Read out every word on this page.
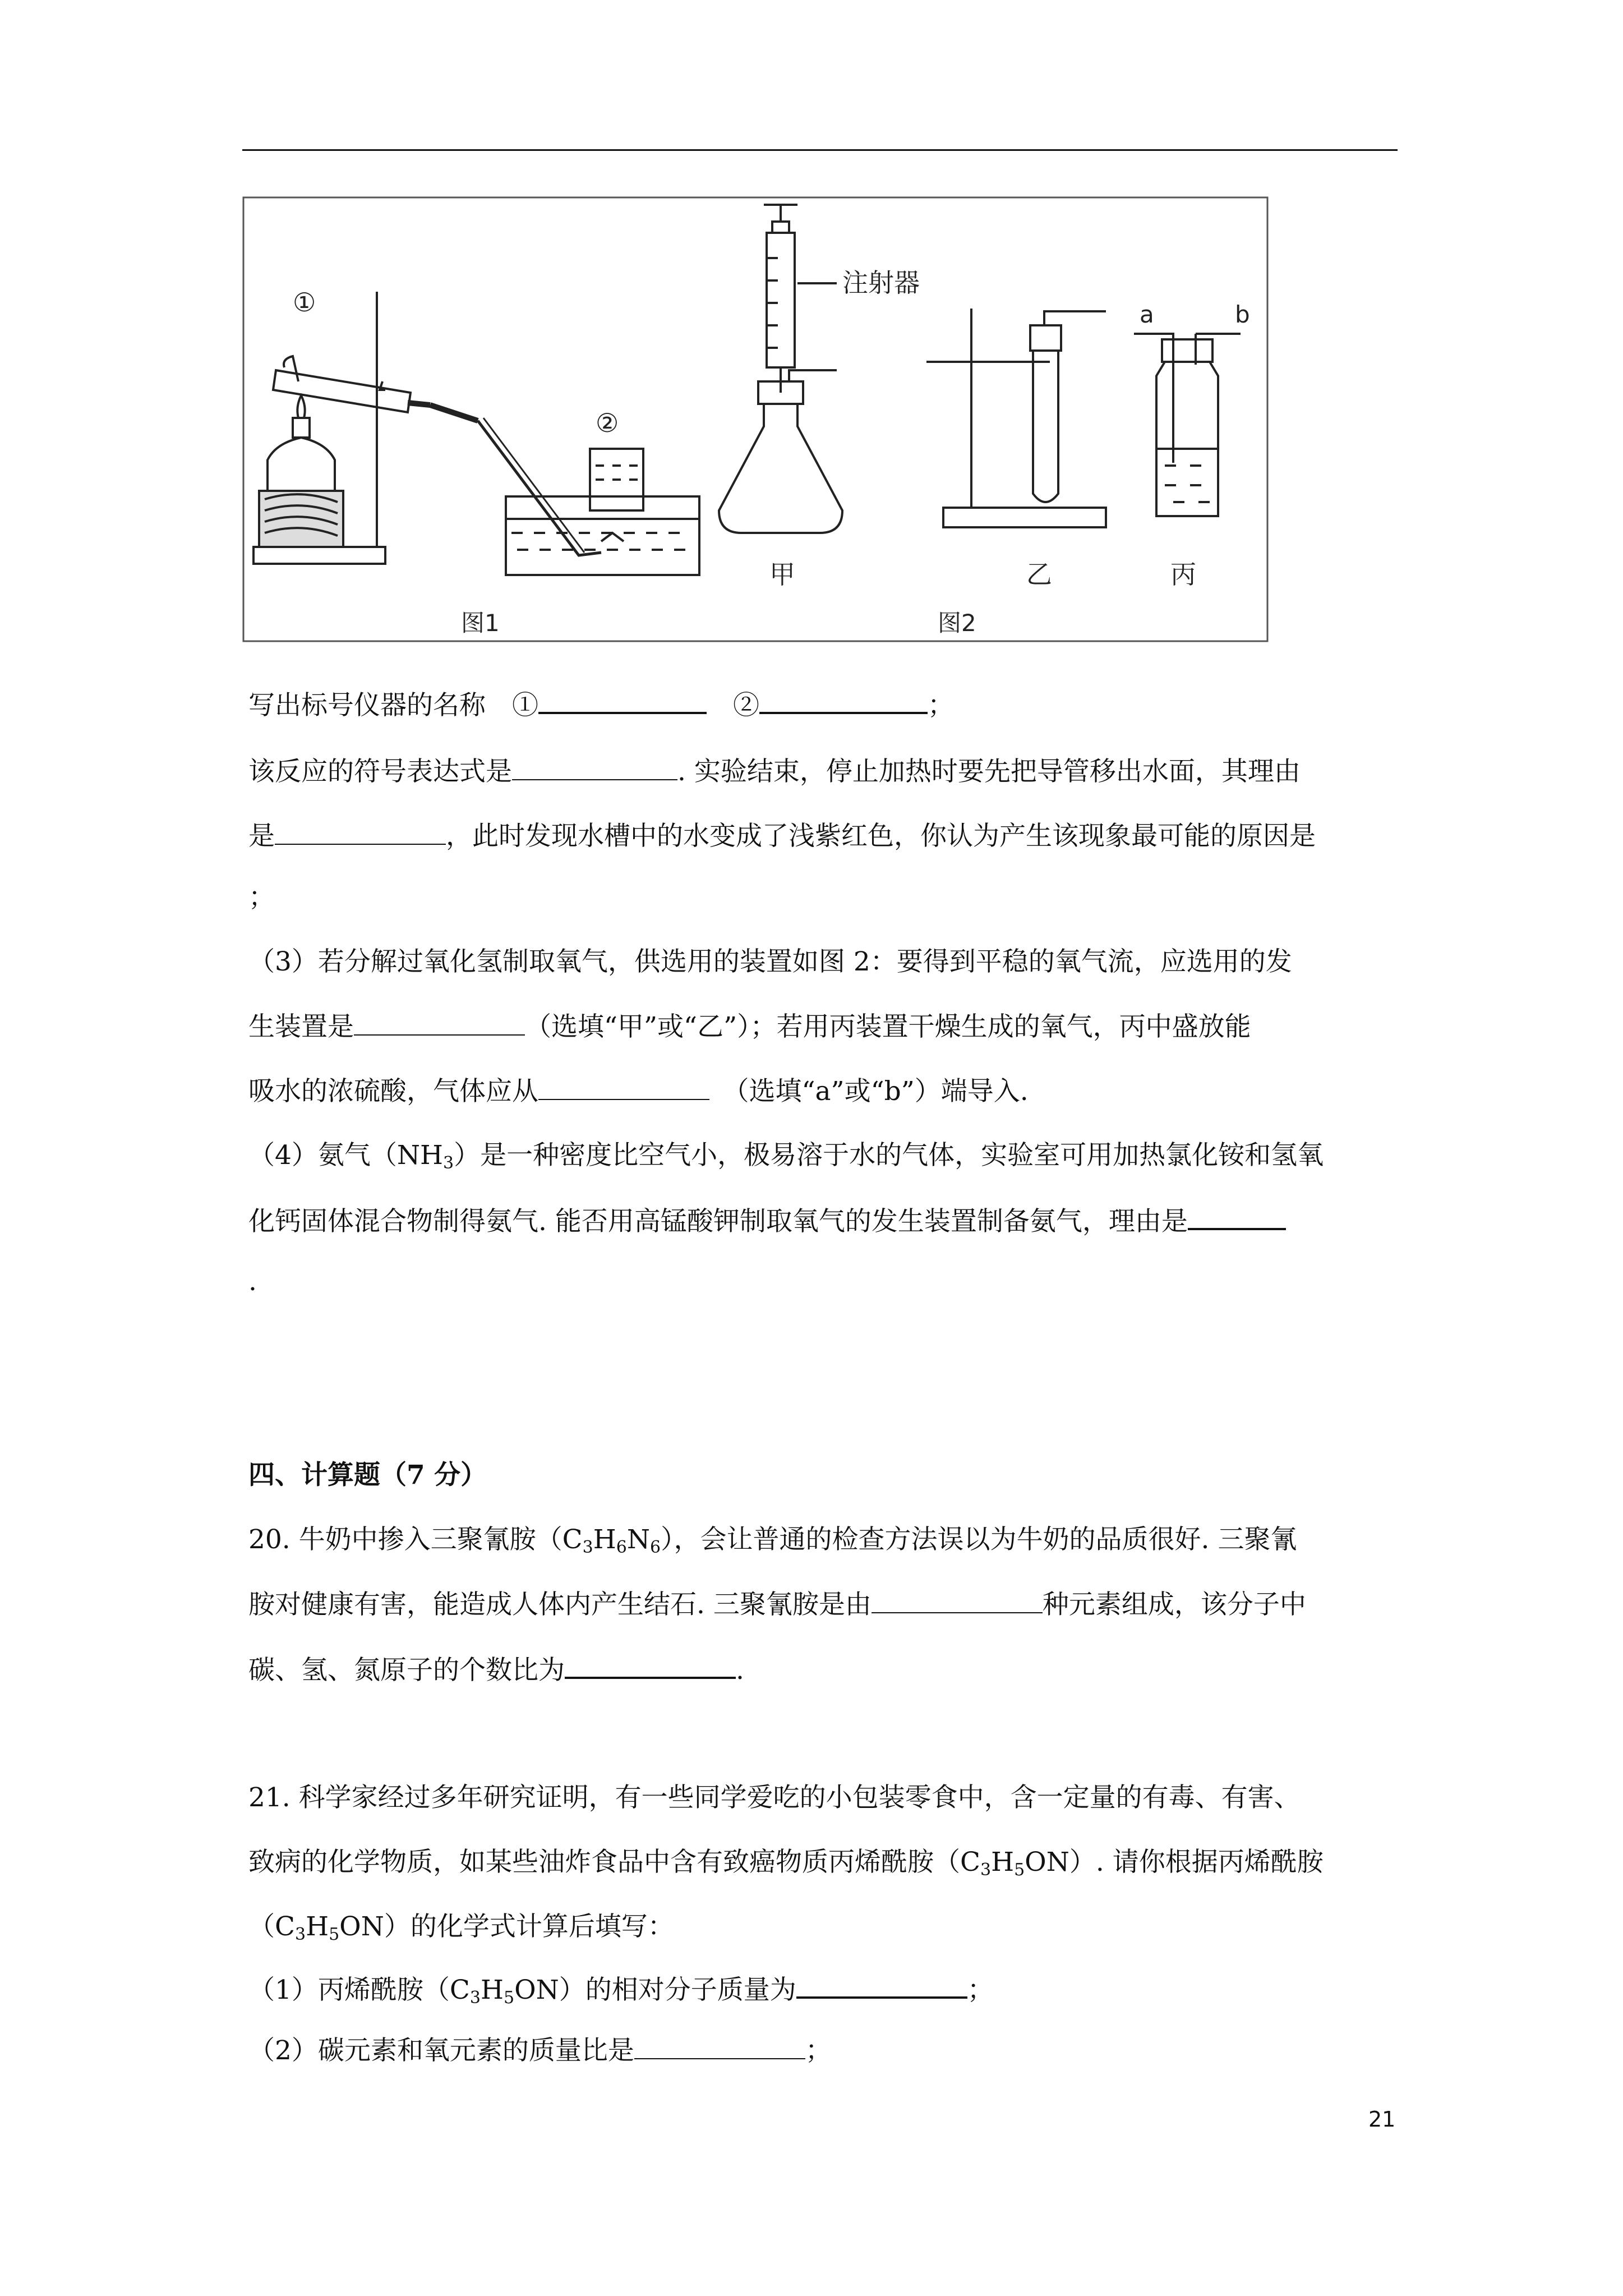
①
②
图1
注射器
甲
图2
乙
a	b
丙
写出标号仪器的名称　①	　②	；
该反应的符号表达式是	. 实验结束，停止加热时要先把导管移出水面，其理由
是	，此时发现水槽中的水变成了浅紫红色，你认为产生该现象最可能的原因是
；
（3）若分解过氧化氢制取氧气，供选用的装置如图 2：要得到平稳的氧气流，应选用的发
生装置是	（选填“甲”或“乙”）；若用丙装置干燥生成的氧气，丙中盛放能
吸水的浓硫酸，气体应从	　（选填“a”或“b”）端导入.
（4）氨气$(NH_3)$是一种密度比空气小，极易溶于水的气体，实验室可用加热氯化铵和氢氧
化钙固体混合物制得氨气. 能否用高锰酸钾制取氧气的发生装置制备氨气，理由是
.
四、计算题（7 分）
20. 牛奶中掺入三聚氰胺$(C_3H_6N_6)$，会让普通的检查方法误以为牛奶的品质很好. 三聚氰
胺对健康有害，能造成人体内产生结石. 三聚氰胺是由	种元素组成，该分子中
碳、氢、氮原子的个数比为	.
21. 科学家经过多年研究证明，有一些同学爱吃的小包装零食中，含一定量的有毒、有害、
致病的化学物质，如某些油炸食品中含有致癌物质丙烯酰胺$(C_3H_5ON)$. 请你根据丙烯酰胺
$(C_3H_5ON)$的化学式计算后填写：
（1）丙烯酰胺$(C_3H_5ON)$的相对分子质量为	；
（2）碳元素和氧元素的质量比是	；
21
